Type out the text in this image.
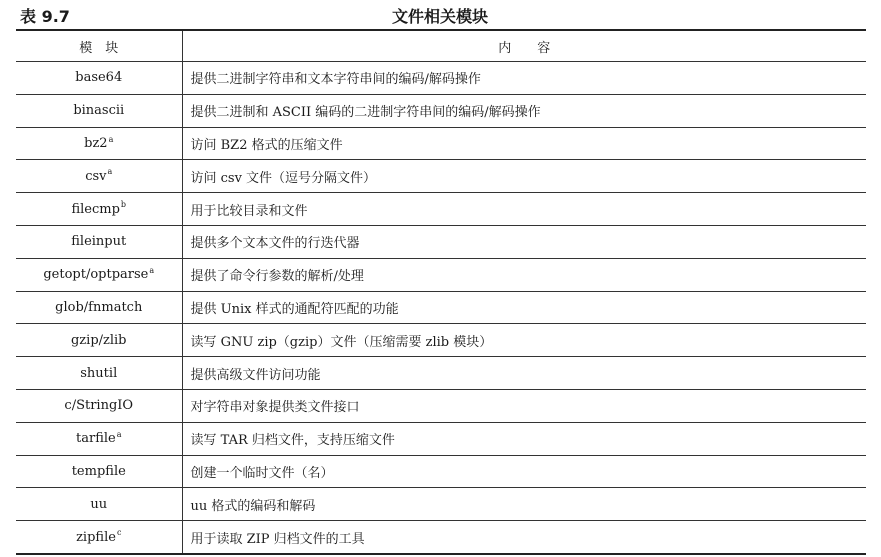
表 9.7	文件相关模块
模　块	内　　容
base64	提供二进制字符串和文本字符串间的编码/解码操作
binascii	提供二进制和 ASCII 编码的二进制字符串间的编码/解码操作
bz2$^a$	访问 BZ2 格式的压缩文件
csv$^a$	访问 csv 文件（逗号分隔文件）
filecmp$^b$	用于比较目录和文件
fileinput	提供多个文本文件的行迭代器
getopt/optparse$^a$	提供了命令行参数的解析/处理
glob/fnmatch	提供 Unix 样式的通配符匹配的功能
gzip/zlib	读写 GNU zip（gzip）文件（压缩需要 zlib 模块）
shutil	提供高级文件访问功能
c/StringIO	对字符串对象提供类文件接口
tarfile$^a$	读写 TAR 归档文件，支持压缩文件
tempfile	创建一个临时文件（名）
uu	uu 格式的编码和解码
zipfile$^c$	用于读取 ZIP 归档文件的工具
